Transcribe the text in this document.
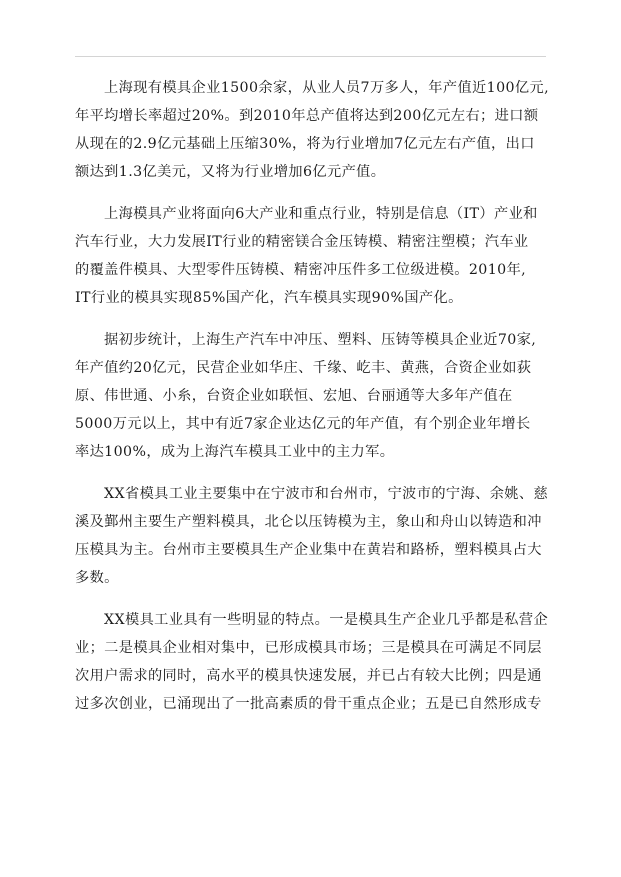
上海现有模具企业1500余家，从业人员7万多人，年产值近100亿元,
年平均增长率超过20%。到2010年总产值将达到200亿元左右；进口额
从现在的2.9亿元基础上压缩30%，将为行业增加7亿元左右产值，出口
额达到1.3亿美元，又将为行业增加6亿元产值。

上海模具产业将面向6大产业和重点行业，特别是信息（IT）产业和
汽车行业，大力发展IT行业的精密镁合金压铸模、精密注塑模；汽车业
的覆盖件模具、大型零件压铸模、精密冲压件多工位级进模。2010年,
IT行业的模具实现85%国产化，汽车模具实现90%国产化。

据初步统计，上海生产汽车中冲压、塑料、压铸等模具企业近70家,
年产值约20亿元，民营企业如华庄、千缘、屹丰、黄燕，合资企业如荻
原、伟世通、小糸，台资企业如联恒、宏旭、台丽通等大多年产值在
5000万元以上，其中有近7家企业达亿元的年产值，有个别企业年增长
率达100%，成为上海汽车模具工业中的主力军。

XX省模具工业主要集中在宁波市和台州市，宁波市的宁海、余姚、慈
溪及鄞州主要生产塑料模具，北仑以压铸模为主，象山和舟山以铸造和冲
压模具为主。台州市主要模具生产企业集中在黄岩和路桥，塑料模具占大
多数。

XX模具工业具有一些明显的特点。一是模具生产企业几乎都是私营企
业；二是模具企业相对集中，已形成模具市场；三是模具在可满足不同层
次用户需求的同时，高水平的模具快速发展，并已占有较大比例；四是通
过多次创业，已涌现出了一批高素质的骨干重点企业；五是已自然形成专
